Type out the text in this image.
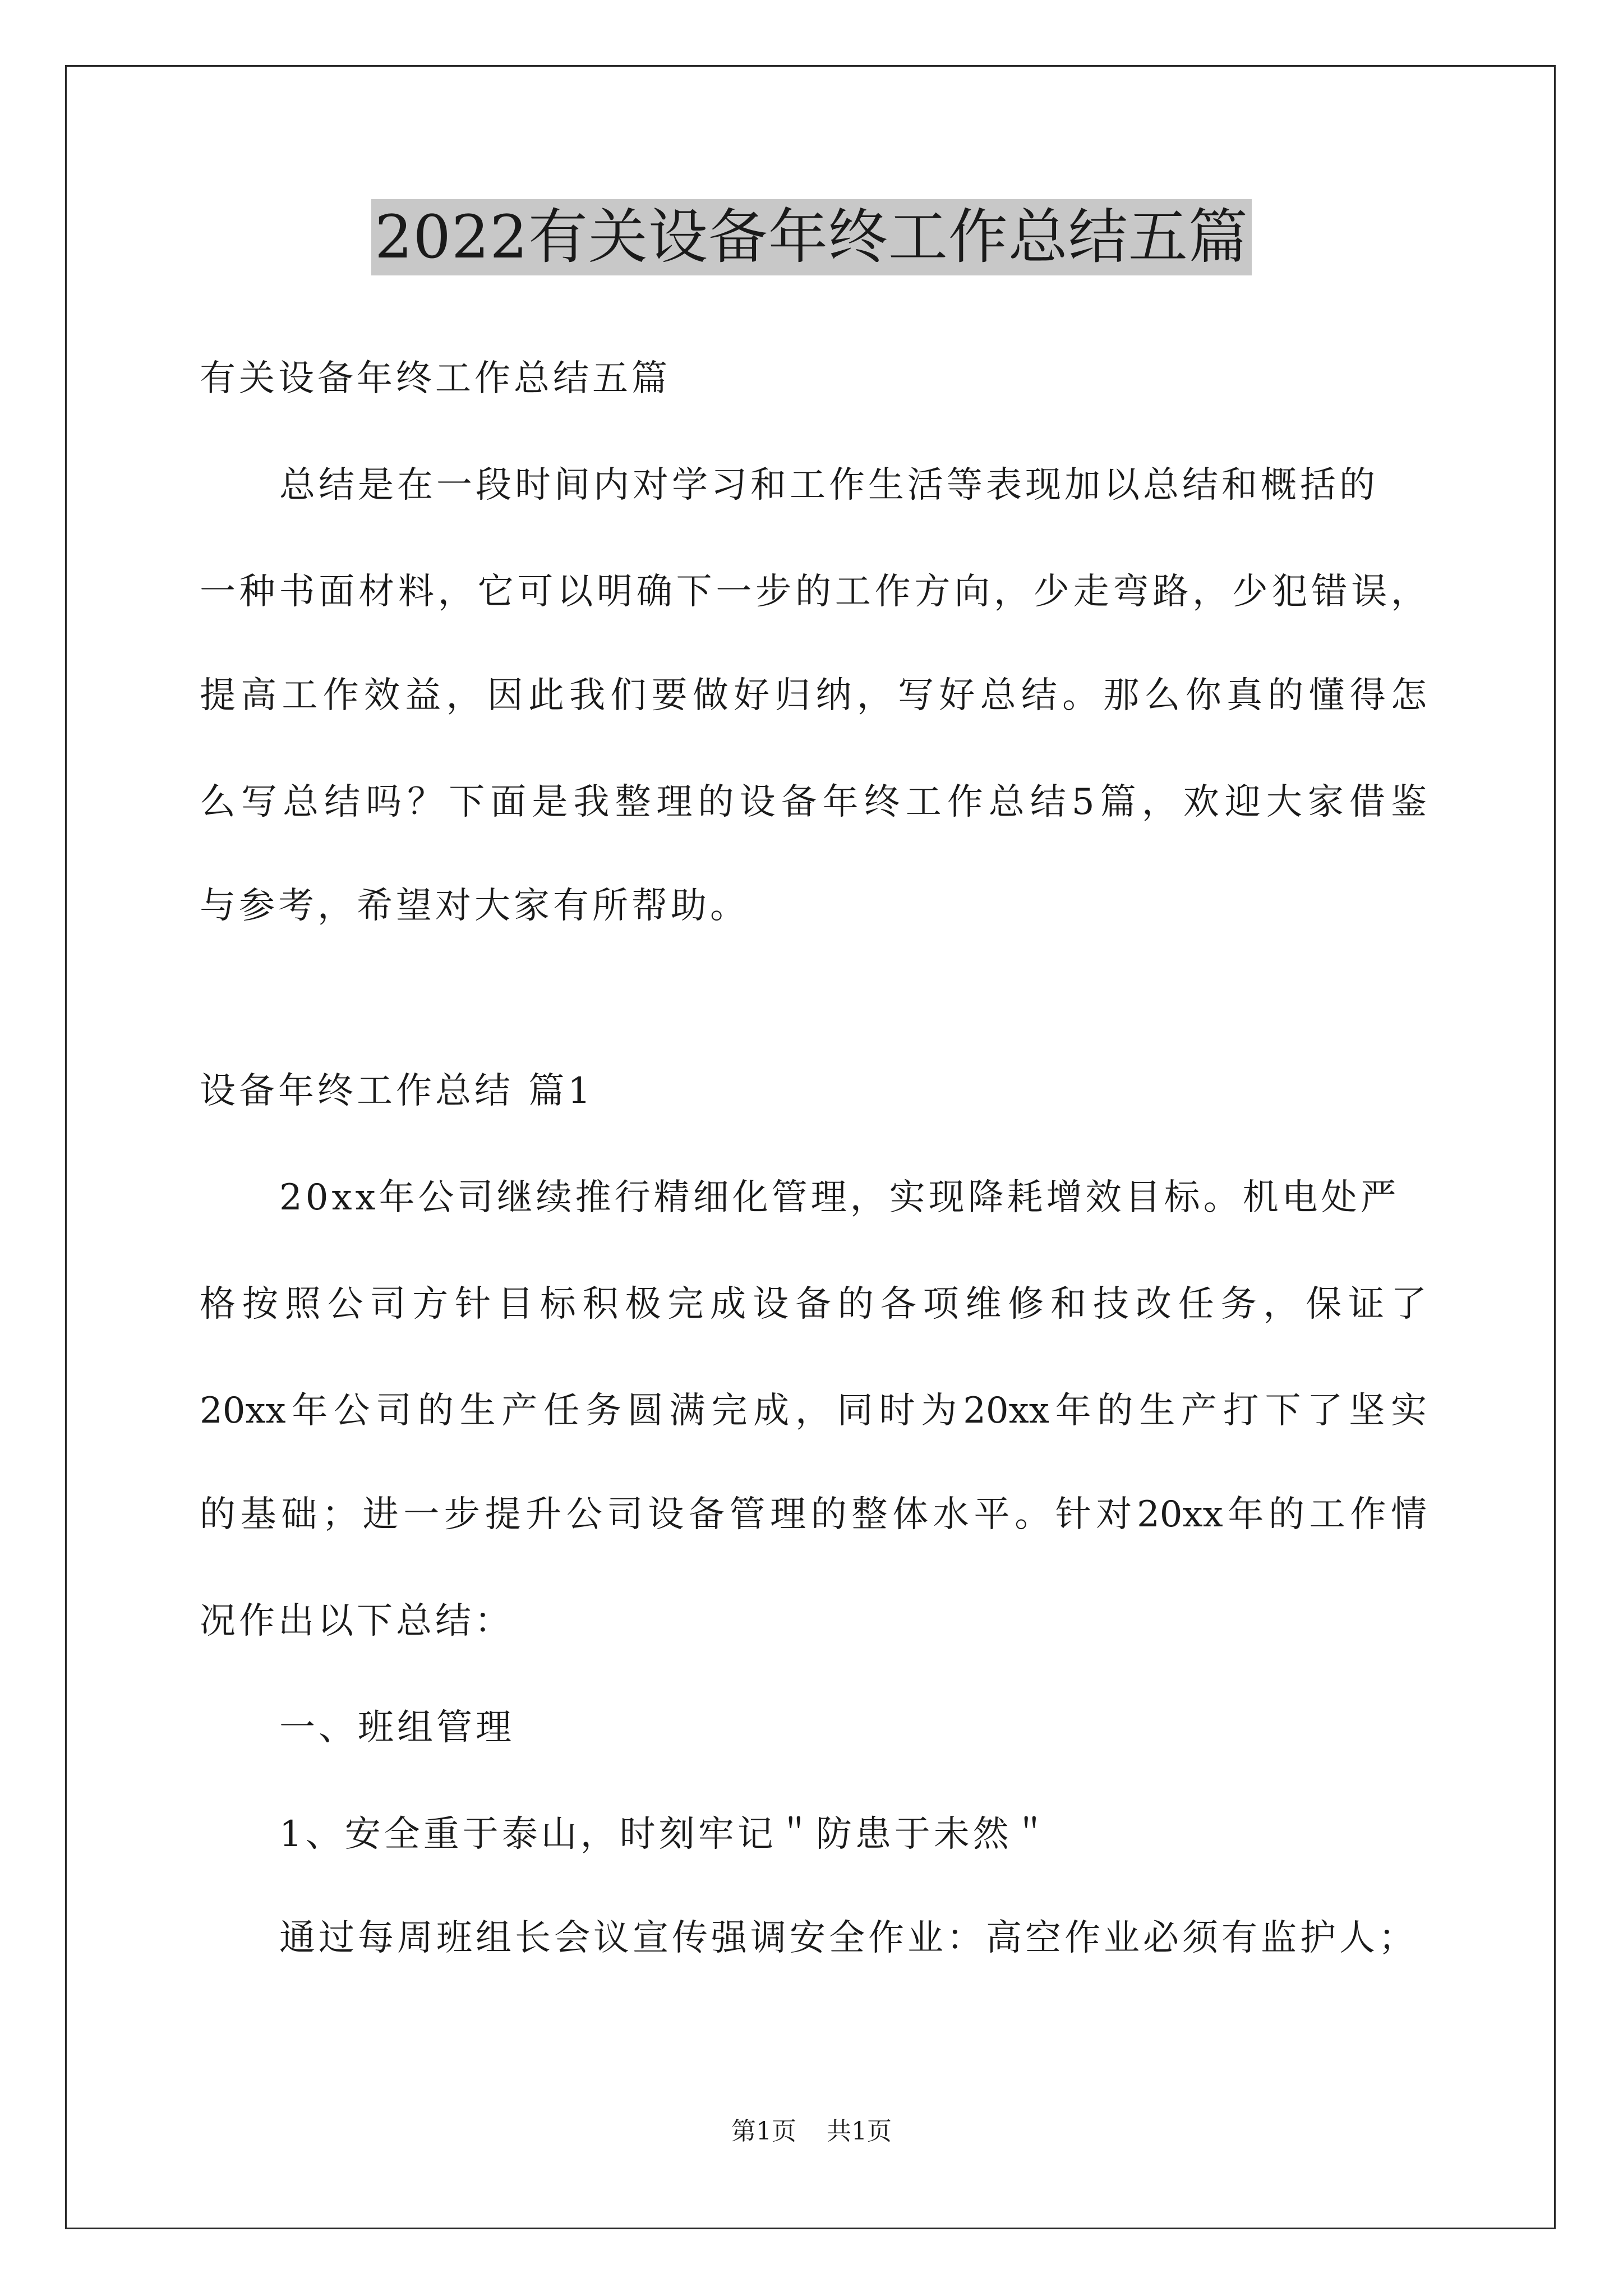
2022有关设备年终工作总结五篇
有关设备年终工作总结五篇
总结是在一段时间内对学习和工作生活等表现加以总结和概括的
一种书面材料，它可以明确下一步的工作方向，少走弯路，少犯错误，
提高工作效益，因此我们要做好归纳，写好总结。那么你真的懂得怎
么写总结吗？下面是我整理的设备年终工作总结5篇，欢迎大家借鉴
与参考，希望对大家有所帮助。
设备年终工作总结 篇1
20xx年公司继续推行精细化管理，实现降耗增效目标。机电处严
格按照公司方针目标积极完成设备的各项维修和技改任务，保证了
20xx年公司的生产任务圆满完成，同时为20xx年的生产打下了坚实
的基础；进一步提升公司设备管理的整体水平。针对20xx年的工作情
况作出以下总结：
一、班组管理
1、安全重于泰山，时刻牢记＂防患于未然＂
通过每周班组长会议宣传强调安全作业：高空作业必须有监护人；
第1页 共1页
